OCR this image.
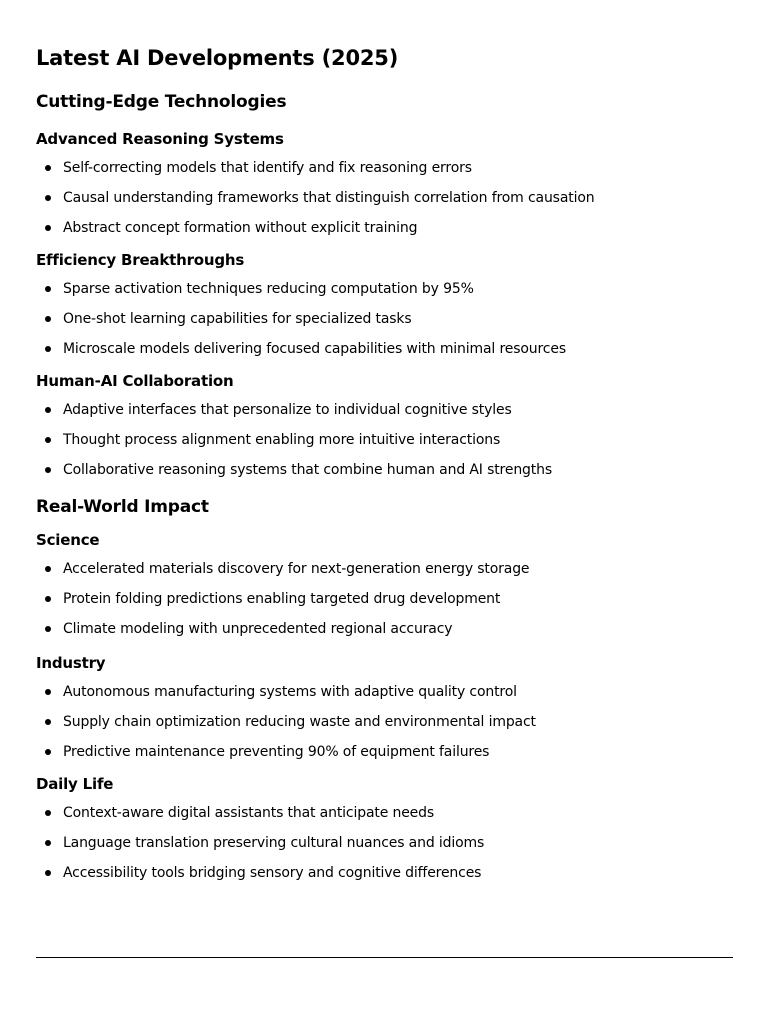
Latest AI Developments (2025)
Cutting-Edge Technologies
Advanced Reasoning Systems
Self-correcting models that identify and fix reasoning errors
Causal understanding frameworks that distinguish correlation from causation
Abstract concept formation without explicit training
Efficiency Breakthroughs
Sparse activation techniques reducing computation by 95%
One-shot learning capabilities for specialized tasks
Microscale models delivering focused capabilities with minimal resources
Human-AI Collaboration
Adaptive interfaces that personalize to individual cognitive styles
Thought process alignment enabling more intuitive interactions
Collaborative reasoning systems that combine human and AI strengths
Real-World Impact
Science
Accelerated materials discovery for next-generation energy storage
Protein folding predictions enabling targeted drug development
Climate modeling with unprecedented regional accuracy
Industry
Autonomous manufacturing systems with adaptive quality control
Supply chain optimization reducing waste and environmental impact
Predictive maintenance preventing 90% of equipment failures
Daily Life
Context-aware digital assistants that anticipate needs
Language translation preserving cultural nuances and idioms
Accessibility tools bridging sensory and cognitive differences
